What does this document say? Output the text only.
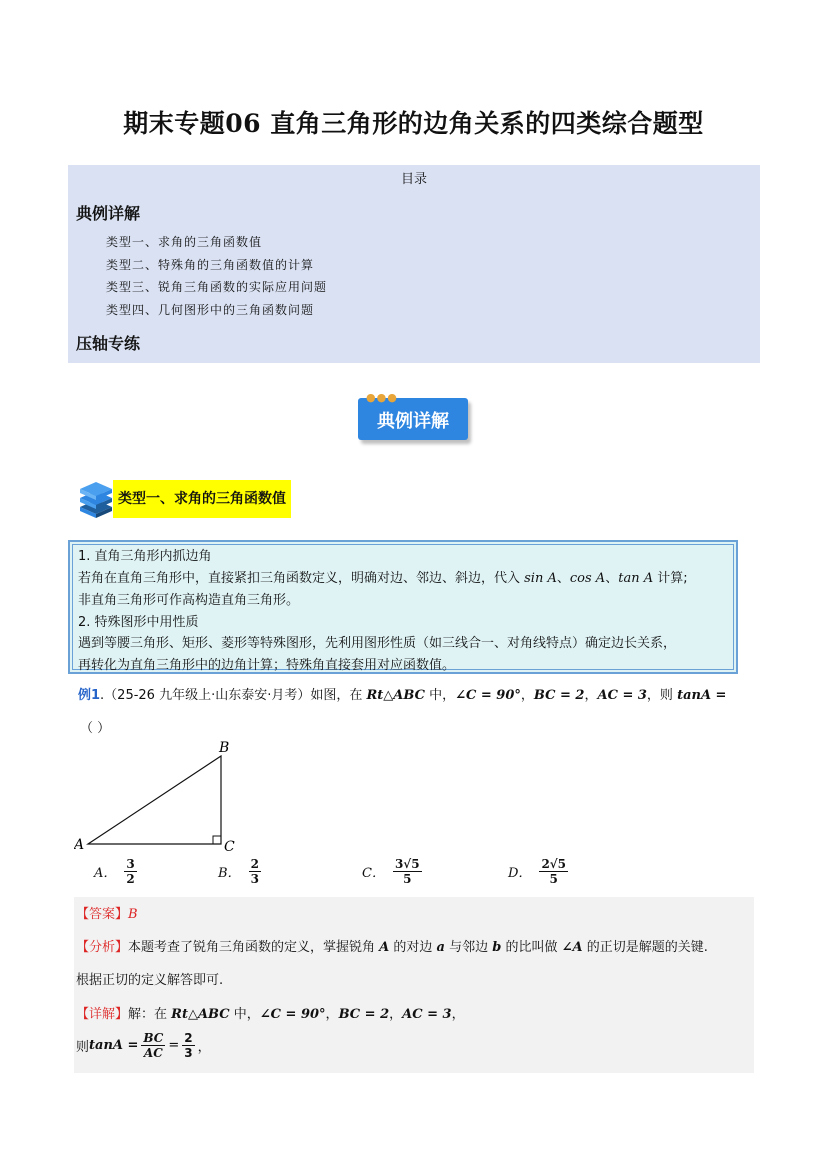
期末专题06 直角三角形的边角关系的四类综合题型
目录
典例详解
类型一、求角的三角函数值
类型二、特殊角的三角函数值的计算
类型三、锐角三角函数的实际应用问题
类型四、几何图形中的三角函数问题
压轴专练
●●●
典例详解
类型一、求角的三角函数值
1. 直角三角形内抓边角
若角在直角三角形中，直接紧扣三角函数定义，明确对边、邻边、斜边，代入 sin A、cos A、tan A 计算;
非直角三角形可作高构造直角三角形。
2. 特殊图形中用性质
遇到等腰三角形、矩形、菱形等特殊图形，先利用图形性质（如三线合一、对角线特点）确定边长关系，
再转化为直角三角形中的边角计算；特殊角直接套用对应函数值。
例1.（25-26 九年级上·山东泰安·月考）如图，在 Rt△ABC 中，∠C = 90°，BC = 2，AC = 3，则 tanA =
（ ）
A
B
C
A． $\frac{3}{2}$	B． $\frac{2}{3}$	C． $\frac{3√5}{5}$	D． $\frac{2√5}{5}$
【答案】B
【分析】本题考查了锐角三角函数的定义，掌握锐角 A 的对边 a 与邻边 b 的比叫做 ∠A 的正切是解题的关键.
根据正切的定义解答即可.
【详解】解：在 Rt△ABC 中，∠C = 90°，BC = 2，AC = 3，
则 $\tan A = \frac{BC}{AC} = \frac{2}{3}$ ，
